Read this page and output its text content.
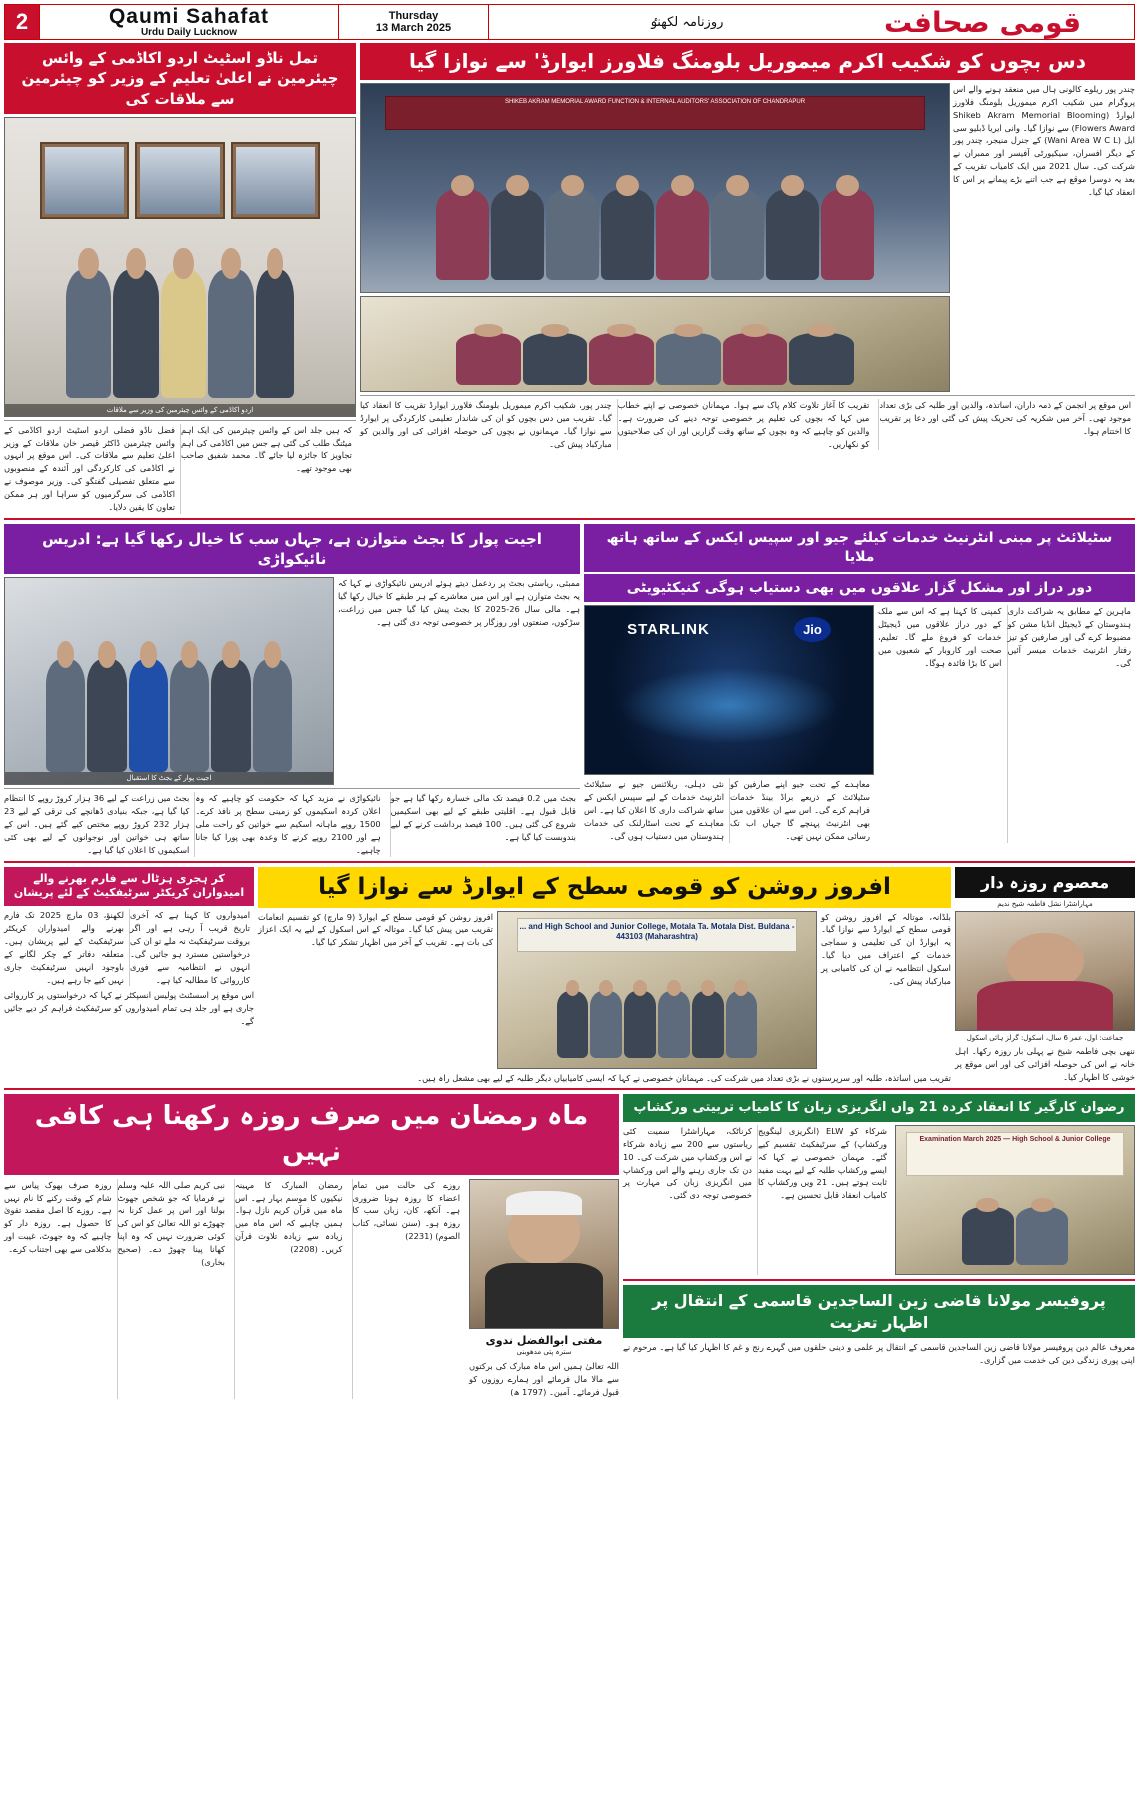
2	Qaumi Sahafat
Urdu Daily Lucknow
Thursday
13 March 2025	روزنامہ لکھنٶ	قومی صحافت
تمل ناڈو اسٹیٹ اردو اکاڈمی کے وائس چیئرمین نے اعلیٰ تعلیم کے وزیر کو چیئرمین سے ملاقات کی
اردو اکاڈمی کے وائس چیئرمین کی وزیر سے ملاقات
فضل ناڈو فضلی اردو اسٹیٹ اردو اکاڈمی کے وائس چیئرمین ڈاکٹر قیصر خان ملاقات کے وزیر اعلیٰ تعلیم سے ملاقات کی۔ اس موقع پر انہوں نے اکاڈمی کی کارکردگی اور آئندہ کے منصوبوں سے متعلق تفصیلی گفتگو کی۔ وزیر موصوف نے اکاڈمی کی سرگرمیوں کو سراہا اور ہر ممکن تعاون کا یقین دلایا۔
کہ ہیں جلد اس کے وائس چیئرمین کی ایک اہم میٹنگ طلب کی گئی ہے جس میں اکاڈمی کی اہم تجاویز کا جائزہ لیا جائے گا۔ محمد شفیق صاحب بھی موجود تھے۔
دس بچوں کو شکیب اکرم میموریل بلومنگ فلاورز ایوارڈ' سے نوازا گیا
SHIKEB AKRAM MEMORIAL AWARD FUNCTION & INTERNAL AUDITORS' ASSOCIATION OF CHANDRAPUR
چندر پور ریلوے کالونی ہال میں منعقد ہونے والے اس پروگرام میں شکیب اکرم میموریل بلومنگ فلاورز ایوارڈ (Shikeb Akram Memorial Blooming Flowers Award) سے نوازا گیا۔ وانی ایریا ڈبلیو سی ایل (Wani Area W C L) کے جنرل منیجر، چندر پور کے دیگر افسران، سیکیورٹی آفیسر اور ممبران نے شرکت کی۔ سال 2021 میں ایک کامیاب تقریب کے بعد یہ دوسرا موقع ہے جب اتنے بڑے پیمانے پر اس کا انعقاد کیا گیا۔
چندر پور، شکیب اکرم میموریل بلومنگ فلاورز ایوارڈ تقریب کا انعقاد کیا گیا۔ تقریب میں دس بچوں کو ان کی شاندار تعلیمی کارکردگی پر ایوارڈ سے نوازا گیا۔ مہمانوں نے بچوں کی حوصلہ افزائی کی اور والدین کو مبارکباد پیش کی۔
تقریب کا آغاز تلاوت کلام پاک سے ہوا۔ مہمانان خصوصی نے اپنے خطاب میں کہا کہ بچوں کی تعلیم پر خصوصی توجہ دینے کی ضرورت ہے۔ والدین کو چاہیے کہ وہ بچوں کے ساتھ وقت گزاریں اور ان کی صلاحیتوں کو نکھاریں۔
اس موقع پر انجمن کے ذمہ داران، اساتذہ، والدین اور طلبہ کی بڑی تعداد موجود تھی۔ آخر میں شکریہ کی تحریک پیش کی گئی اور دعا پر تقریب کا اختتام ہوا۔
اجیت پوار کا بجٹ متوازن ہے، جہاں سب کا خیال رکھا گیا ہے: ادریس نائیکواڑی
اجیت پوار کے بجٹ کا استقبال
ممبئی، ریاستی بجٹ پر ردعمل دیتے ہوئے ادریس نائیکواڑی نے کہا کہ یہ بجٹ متوازن ہے اور اس میں معاشرے کے ہر طبقے کا خیال رکھا گیا ہے۔ مالی سال 26-2025 کا بجٹ پیش کیا گیا جس میں زراعت، سڑکوں، صنعتوں اور روزگار پر خصوصی توجہ دی گئی ہے۔
بجٹ میں زراعت کے لیے 36 ہزار کروڑ روپے کا انتظام کیا گیا ہے، جبکہ بنیادی ڈھانچے کی ترقی کے لیے 23 ہزار 232 کروڑ روپے مختص کیے گئے ہیں۔ اس کے ساتھ ہی خواتین اور نوجوانوں کے لیے بھی کئی اسکیموں کا اعلان کیا گیا ہے۔
نائیکواڑی نے مزید کہا کہ حکومت کو چاہیے کہ وہ اعلان کردہ اسکیموں کو زمینی سطح پر نافذ کرے۔ 1500 روپے ماہانہ اسکیم سے خواتین کو راحت ملی ہے اور 2100 روپے کرنے کا وعدہ بھی پورا کیا جانا چاہیے۔
بجٹ میں 0.2 فیصد تک مالی خسارہ رکھا گیا ہے جو قابل قبول ہے۔ اقلیتی طبقے کے لیے بھی اسکیمیں شروع کی گئی ہیں۔ 100 فیصد برداشت کرنے کے لیے بندوبست کیا گیا ہے۔
سٹیلائٹ پر مبنی انٹرنیٹ خدمات کیلئے جیو اور سپیس ایکس کے ساتھ ہاتھ ملایا
دور دراز اور مشکل گزار علاقوں میں بھی دستیاب ہوگی کنیکٹیویٹی
STARLINK	Jio
نئی دہلی، ریلائنس جیو نے سٹیلائٹ انٹرنیٹ خدمات کے لیے سپیس ایکس کے ساتھ شراکت داری کا اعلان کیا ہے۔ اس معاہدے کے تحت اسٹارلنک کی خدمات ہندوستان میں دستیاب ہوں گی۔
معاہدے کے تحت جیو اپنے صارفین کو سٹیلائٹ کے ذریعے براڈ بینڈ خدمات فراہم کرے گی۔ اس سے ان علاقوں میں بھی انٹرنیٹ پہنچے گا جہاں اب تک رسائی ممکن نہیں تھی۔
کمپنی کا کہنا ہے کہ اس سے ملک کے دور دراز علاقوں میں ڈیجیٹل خدمات کو فروغ ملے گا۔ تعلیم، صحت اور کاروبار کے شعبوں میں اس کا بڑا فائدہ ہوگا۔
ماہرین کے مطابق یہ شراکت داری ہندوستان کے ڈیجیٹل انڈیا مشن کو مضبوط کرے گی اور صارفین کو تیز رفتار انٹرنیٹ خدمات میسر آئیں گی۔
کر ہجری ہزٹال سے فارم بھرنے والے امیدواران کریکٹر سرٹیفکیٹ کے لئے پریشان
لکھنؤ، 03 مارچ 2025 تک فارم بھرنے والے امیدواران کریکٹر سرٹیفکیٹ کے لیے پریشان ہیں۔ متعلقہ دفاتر کے چکر لگانے کے باوجود انہیں سرٹیفکیٹ جاری نہیں کیے جا رہے ہیں۔
امیدواروں کا کہنا ہے کہ آخری تاریخ قریب آ رہی ہے اور اگر بروقت سرٹیفکیٹ نہ ملے تو ان کی درخواستیں مسترد ہو جائیں گی۔ انہوں نے انتظامیہ سے فوری کارروائی کا مطالبہ کیا ہے۔
اس موقع پر اسسٹنٹ پولیس انسپکٹر نے کہا کہ درخواستوں پر کارروائی جاری ہے اور جلد ہی تمام امیدواروں کو سرٹیفکیٹ فراہم کر دیے جائیں گے۔
افروز روشن کو قومی سطح کے ایوارڈ سے نوازا گیا
افروز روشن کو قومی سطح کے ایوارڈ (9 مارچ) کو تقسیم انعامات تقریب میں پیش کیا گیا۔ موتالہ کے اس اسکول کے لیے یہ ایک اعزاز کی بات ہے۔ تقریب کے آخر میں اظہار تشکر کیا گیا۔
... and High School and Junior College, Motala Ta. Motala Dist. Buldana - 443103 (Maharashtra)
بلڈانہ، موتالہ کے افروز روشن کو قومی سطح کے ایوارڈ سے نوازا گیا۔ یہ ایوارڈ ان کی تعلیمی و سماجی خدمات کے اعتراف میں دیا گیا۔ اسکول انتظامیہ نے ان کی کامیابی پر مبارکباد پیش کی۔
تقریب میں اساتذہ، طلبہ اور سرپرستوں نے بڑی تعداد میں شرکت کی۔ مہمانان خصوصی نے کہا کہ ایسی کامیابیاں دیگر طلبہ کے لیے بھی مشعل راہ ہیں۔
معصوم روزہ دار
مہاراشٹرا نشل فاطمہ شیخ ندیم
جماعت: اول، عمر 6 سال، اسکول: گرلز ہائی اسکول
ننھی بچی فاطمہ شیخ نے پہلی بار روزہ رکھا۔ اہل خانہ نے اس کی حوصلہ افزائی کی اور اس موقع پر خوشی کا اظہار کیا۔
ماہ رمضان میں صرف روزہ رکھنا ہی کافی نہیں
روزہ صرف بھوک پیاس سے شام کے وقت رکنے کا نام نہیں ہے۔ روزے کا اصل مقصد تقویٰ کا حصول ہے۔ روزہ دار کو چاہیے کہ وہ جھوٹ، غیبت اور بدکلامی سے بھی اجتناب کرے۔
نبی کریم صلی اللہ علیہ وسلم نے فرمایا کہ جو شخص جھوٹ بولنا اور اس پر عمل کرنا نہ چھوڑے تو اللہ تعالیٰ کو اس کی کوئی ضرورت نہیں کہ وہ اپنا کھانا پینا چھوڑ دے۔ (صحیح بخاری)
رمضان المبارک کا مہینہ نیکیوں کا موسم بہار ہے۔ اس ماہ میں قرآن کریم نازل ہوا۔ ہمیں چاہیے کہ اس ماہ میں زیادہ سے زیادہ تلاوت قرآن کریں۔ (2208)
روزے کی حالت میں تمام اعضاء کا روزہ ہونا ضروری ہے۔ آنکھ، کان، زبان سب کا روزہ ہو۔ (سنن نسائی، کتاب الصوم) (2231)
مفتی ابوالفضل ندوی
سترہ پتی مدھوبنی
اللہ تعالیٰ ہمیں اس ماہ مبارک کی برکتوں سے مالا مال فرمائے اور ہمارے روزوں کو قبول فرمائے۔ آمین۔ (1797 ھ)
رضوان کارگیر کا انعقاد کردہ 21 واں انگریزی زبان کا کامیاب تربیتی ورکشاپ
کرناٹک، مہاراشٹرا سمیت کئی ریاستوں سے 200 سے زیادہ شرکاء نے اس ورکشاپ میں شرکت کی۔ 10 دن تک جاری رہنے والے اس ورکشاپ میں انگریزی زبان کی مہارت پر خصوصی توجہ دی گئی۔
شرکاء کو ELW (انگریزی لینگویج ورکشاپ) کے سرٹیفکیٹ تقسیم کیے گئے۔ مہمان خصوصی نے کہا کہ ایسے ورکشاپ طلبہ کے لیے بہت مفید ثابت ہوتے ہیں۔ 21 ویں ورکشاپ کا کامیاب انعقاد قابل تحسین ہے۔
Examination March 2025 — High School & Junior College
پروفیسر مولانا قاضی زین الساجدین قاسمی کے انتقال پر اظہار تعزیت
معروف عالم دین پروفیسر مولانا قاضی زین الساجدین قاسمی کے انتقال پر علمی و دینی حلقوں میں گہرے رنج و غم کا اظہار کیا گیا ہے۔ مرحوم نے اپنی پوری زندگی دین کی خدمت میں گزاری۔
